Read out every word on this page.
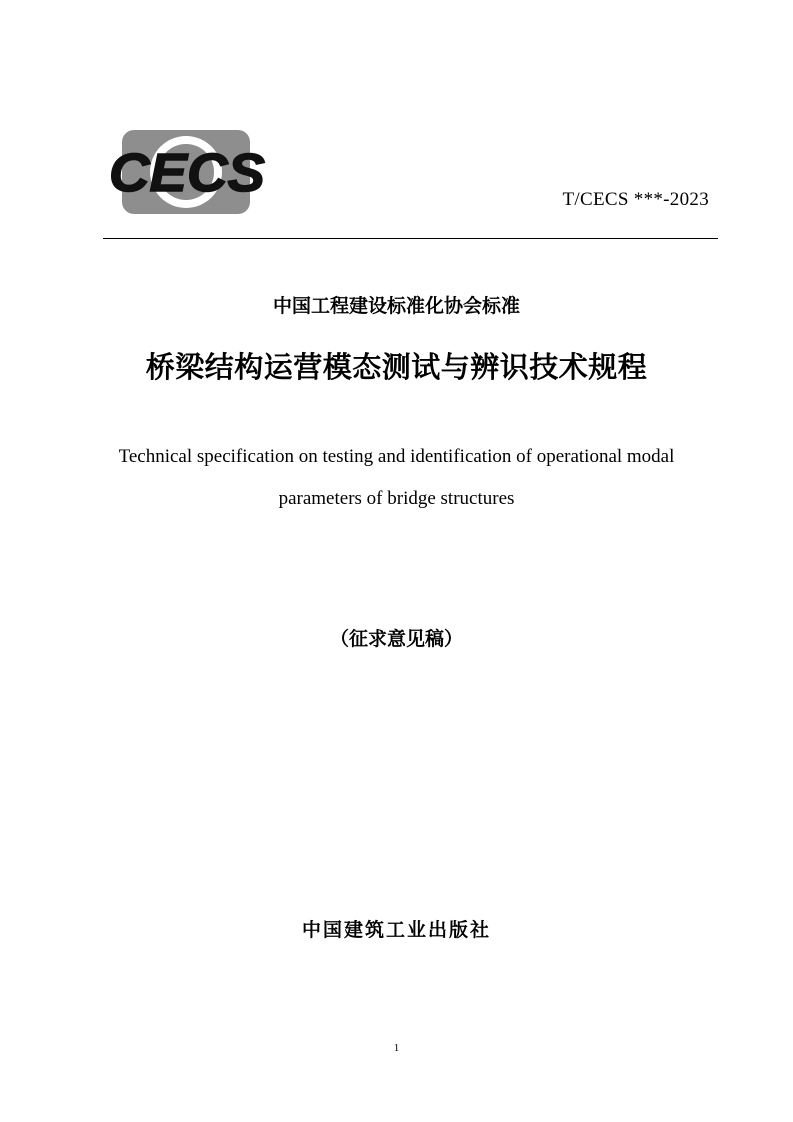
CECS	T/CECS ***-2023
中国工程建设标准化协会标准
桥梁结构运营模态测试与辨识技术规程
Technical specification on testing and identification of operational modal
parameters of bridge structures
（征求意见稿）
中国建筑工业出版社
1
